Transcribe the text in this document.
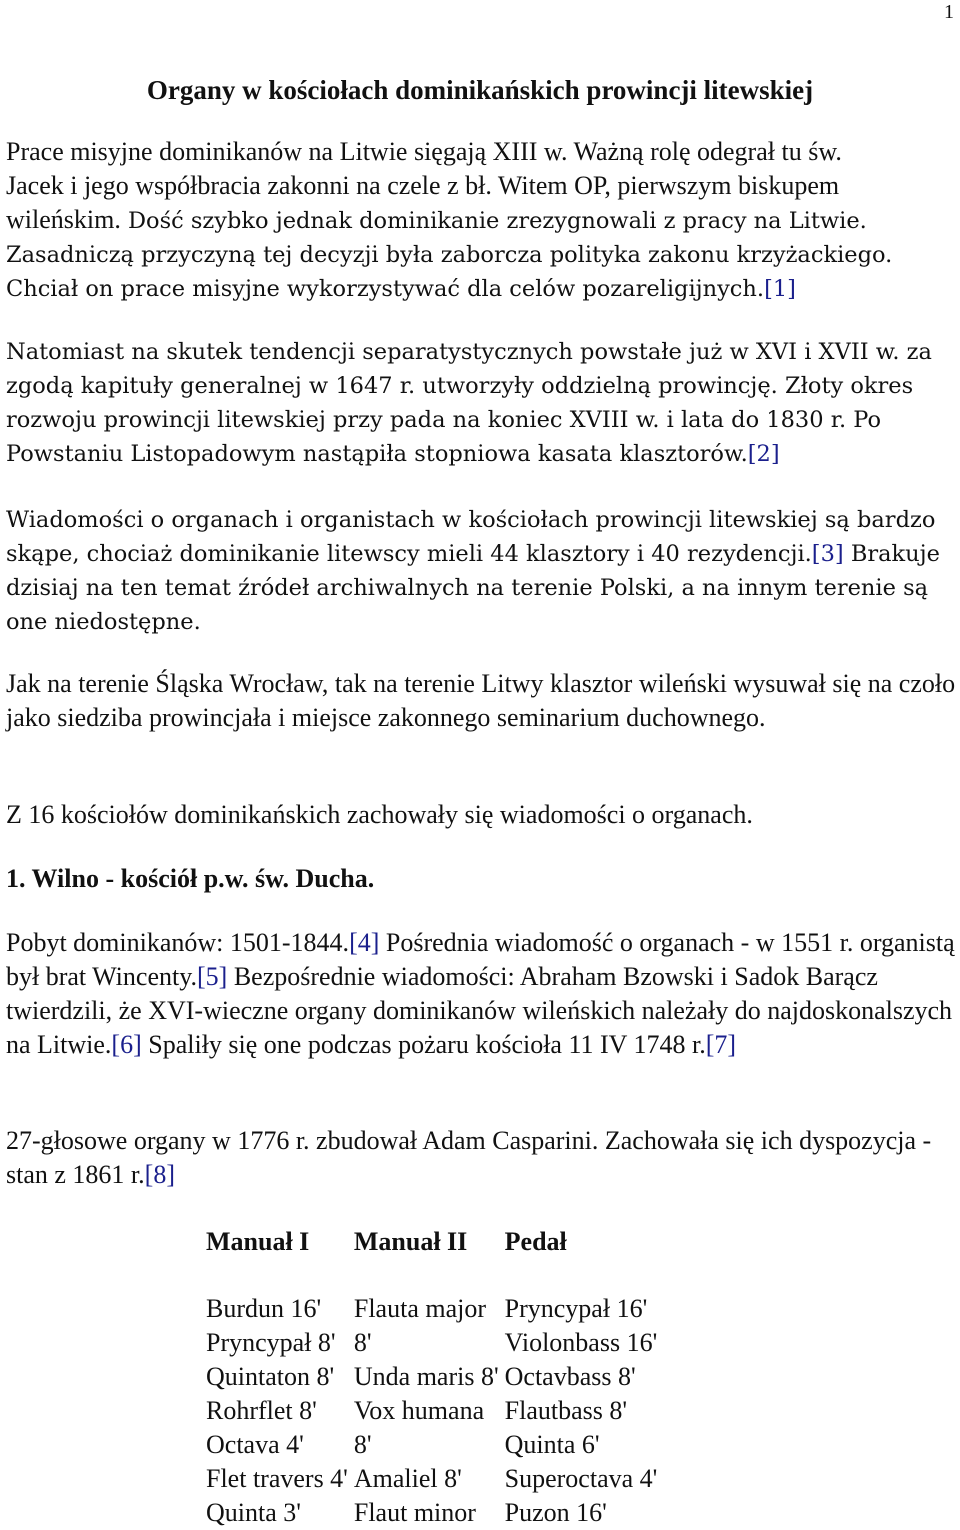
1
Organy w kościołach dominikańskich prowincji litewskiej
Prace misyjne dominikanów na Litwie sięgają XIII w. Ważną rolę odegrał tu św.
Jacek i jego współbracia zakonni na czele z bł. Witem OP, pierwszym biskupem
wileńskim. Dość szybko jednak dominikanie zrezygnowali z pracy na Litwie.
Zasadniczą przyczyną tej decyzji była zaborcza polityka zakonu krzyżackiego.
Chciał on prace misyjne wykorzystywać dla celów pozareligijnych.[1]

Natomiast na skutek tendencji separatystycznych powstałe już w XVI i XVII w. za zgodą kapituły generalnej w 1647 r. utworzyły oddzielną prowincję. Złoty okres rozwoju prowincji litewskiej przy pada na koniec XVIII w. i lata do 1830 r. Po Powstaniu Listopadowym nastąpiła stopniowa kasata klasztorów.[2]

Wiadomości o organach i organistach w kościołach prowincji litewskiej są bardzo skąpe, chociaż dominikanie litewscy mieli 44 klasztory i 40 rezydencji.[3] Brakuje dzisiaj na ten temat źródeł archiwalnych na terenie Polski, a na innym terenie są one niedostępne.

Jak na terenie Śląska Wrocław, tak na terenie Litwy klasztor wileński wysuwał się na czoło jako siedziba prowincjała i miejsce zakonnego seminarium duchownego.

Z 16 kościołów dominikańskich zachowały się wiadomości o organach.

1. Wilno - kościół p.w. św. Ducha.

Pobyt dominikanów: 1501-1844.[4] Pośrednia wiadomość o organach - w 1551 r. organistą był brat Wincenty.[5] Bezpośrednie wiadomości: Abraham Bzowski i Sadok Barącz twierdzili, że XVI-wieczne organy dominikanów wileńskich należały do najdoskonalszych na Litwie.[6] Spaliły się one podczas pożaru kościoła 11 IV 1748 r.[7]

27-głosowe organy w 1776 r. zbudował Adam Casparini. Zachowała się ich dyspozycja - stan z 1861 r.[8]

Manuał I	Manuał II	Pedał

Burdun 16'	Flauta major	Pryncypał 16'
Pryncypał 8'	8'	Violonbass 16'
Quintaton 8'	Unda maris 8'	Octavbass 8'
Rohrflet 8'	Vox humana	Flautbass 8'
Octava 4'	8'	Quinta 6'
Flet travers 4'	Amaliel 8'	Superoctava 4'
Quinta 3'	Flaut minor	Puzon 16'
